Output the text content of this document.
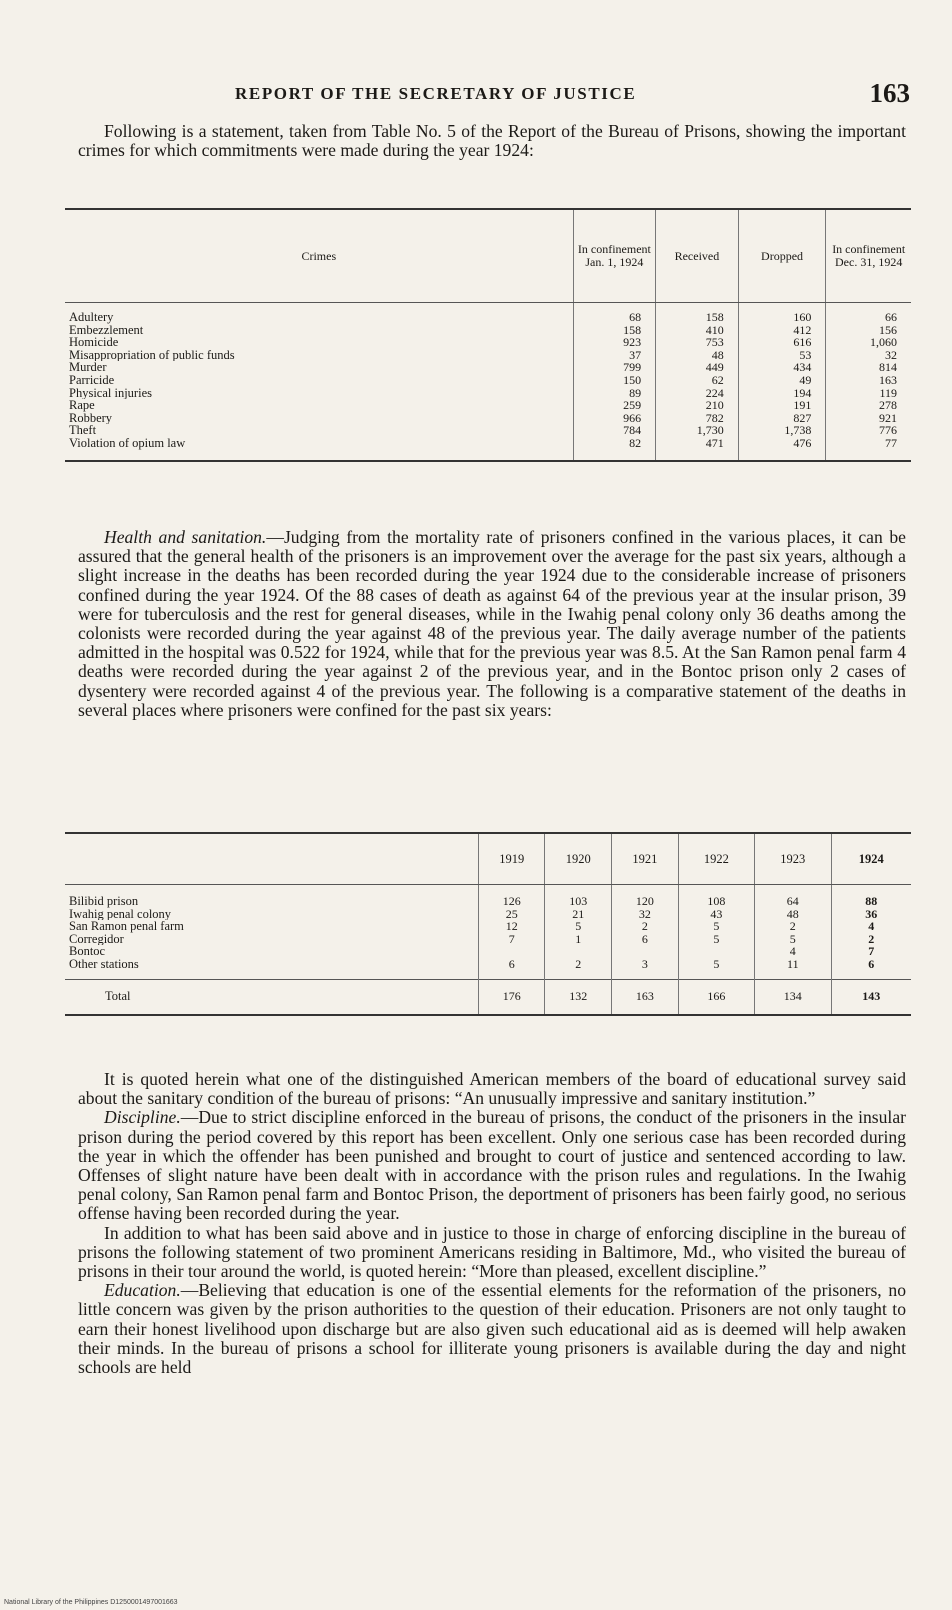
REPORT OF THE SECRETARY OF JUSTICE	163

Following is a statement, taken from Table No. 5 of the Report of the Bureau of Prisons, showing the important crimes for which commitments were made during the year 1924:

Crimes	In confinement Jan. 1, 1924	Received	Dropped	In confinement Dec. 31, 1924
Adultery	68	158	160	66
Embezzlement	158	410	412	156
Homicide	923	753	616	1,060
Misappropriation of public funds	37	48	53	32
Murder	799	449	434	814
Parricide	150	62	49	163
Physical injuries	89	224	194	119
Rape	259	210	191	278
Robbery	966	782	827	921
Theft	784	1,730	1,738	776
Violation of opium law	82	471	476	77

Health and sanitation.—Judging from the mortality rate of prisoners confined in the various places, it can be assured that the general health of the prisoners is an improvement over the average for the past six years, although a slight increase in the deaths has been recorded during the year 1924 due to the considerable increase of prisoners confined during the year 1924. Of the 88 cases of death as against 64 of the previous year at the insular prison, 39 were for tuberculosis and the rest for general diseases, while in the Iwahig penal colony only 36 deaths among the colonists were recorded during the year against 48 of the previous year. The daily average number of the patients admitted in the hospital was 0.522 for 1924, while that for the previous year was 8.5. At the San Ramon penal farm 4 deaths were recorded during the year against 2 of the previous year, and in the Bontoc prison only 2 cases of dysentery were recorded against 4 of the previous year. The following is a comparative statement of the deaths in several places where prisoners were confined for the past six years:

	1919	1920	1921	1922	1923	1924
Bilibid prison	126	103	120	108	64	88
Iwahig penal colony	25	21	32	43	48	36
San Ramon penal farm	12	5	2	5	2	4
Corregidor	7	1	6	5	5	2
Bontoc					4	7
Other stations	6	2	3	5	11	6
Total	176	132	163	166	134	143

It is quoted herein what one of the distinguished American members of the board of educational survey said about the sanitary condition of the bureau of prisons: “An unusually impressive and sanitary institution.”

Discipline.—Due to strict discipline enforced in the bureau of prisons, the conduct of the prisoners in the insular prison during the period covered by this report has been excellent. Only one serious case has been recorded during the year in which the offender has been punished and brought to court of justice and sentenced according to law. Offenses of slight nature have been dealt with in accordance with the prison rules and regulations. In the Iwahig penal colony, San Ramon penal farm and Bontoc Prison, the deportment of prisoners has been fairly good, no serious offense having been recorded during the year.

In addition to what has been said above and in justice to those in charge of enforcing discipline in the bureau of prisons the following statement of two prominent Americans residing in Baltimore, Md., who visited the bureau of prisons in their tour around the world, is quoted herein: “More than pleased, excellent discipline.”

Education.—Believing that education is one of the essential elements for the reformation of the prisoners, no little concern was given by the prison authorities to the question of their education. Prisoners are not only taught to earn their honest livelihood upon discharge but are also given such educational aid as is deemed will help awaken their minds. In the bureau of prisons a school for illiterate young prisoners is available during the day and night schools are held

National Library of the Philippines D1250001497001663
